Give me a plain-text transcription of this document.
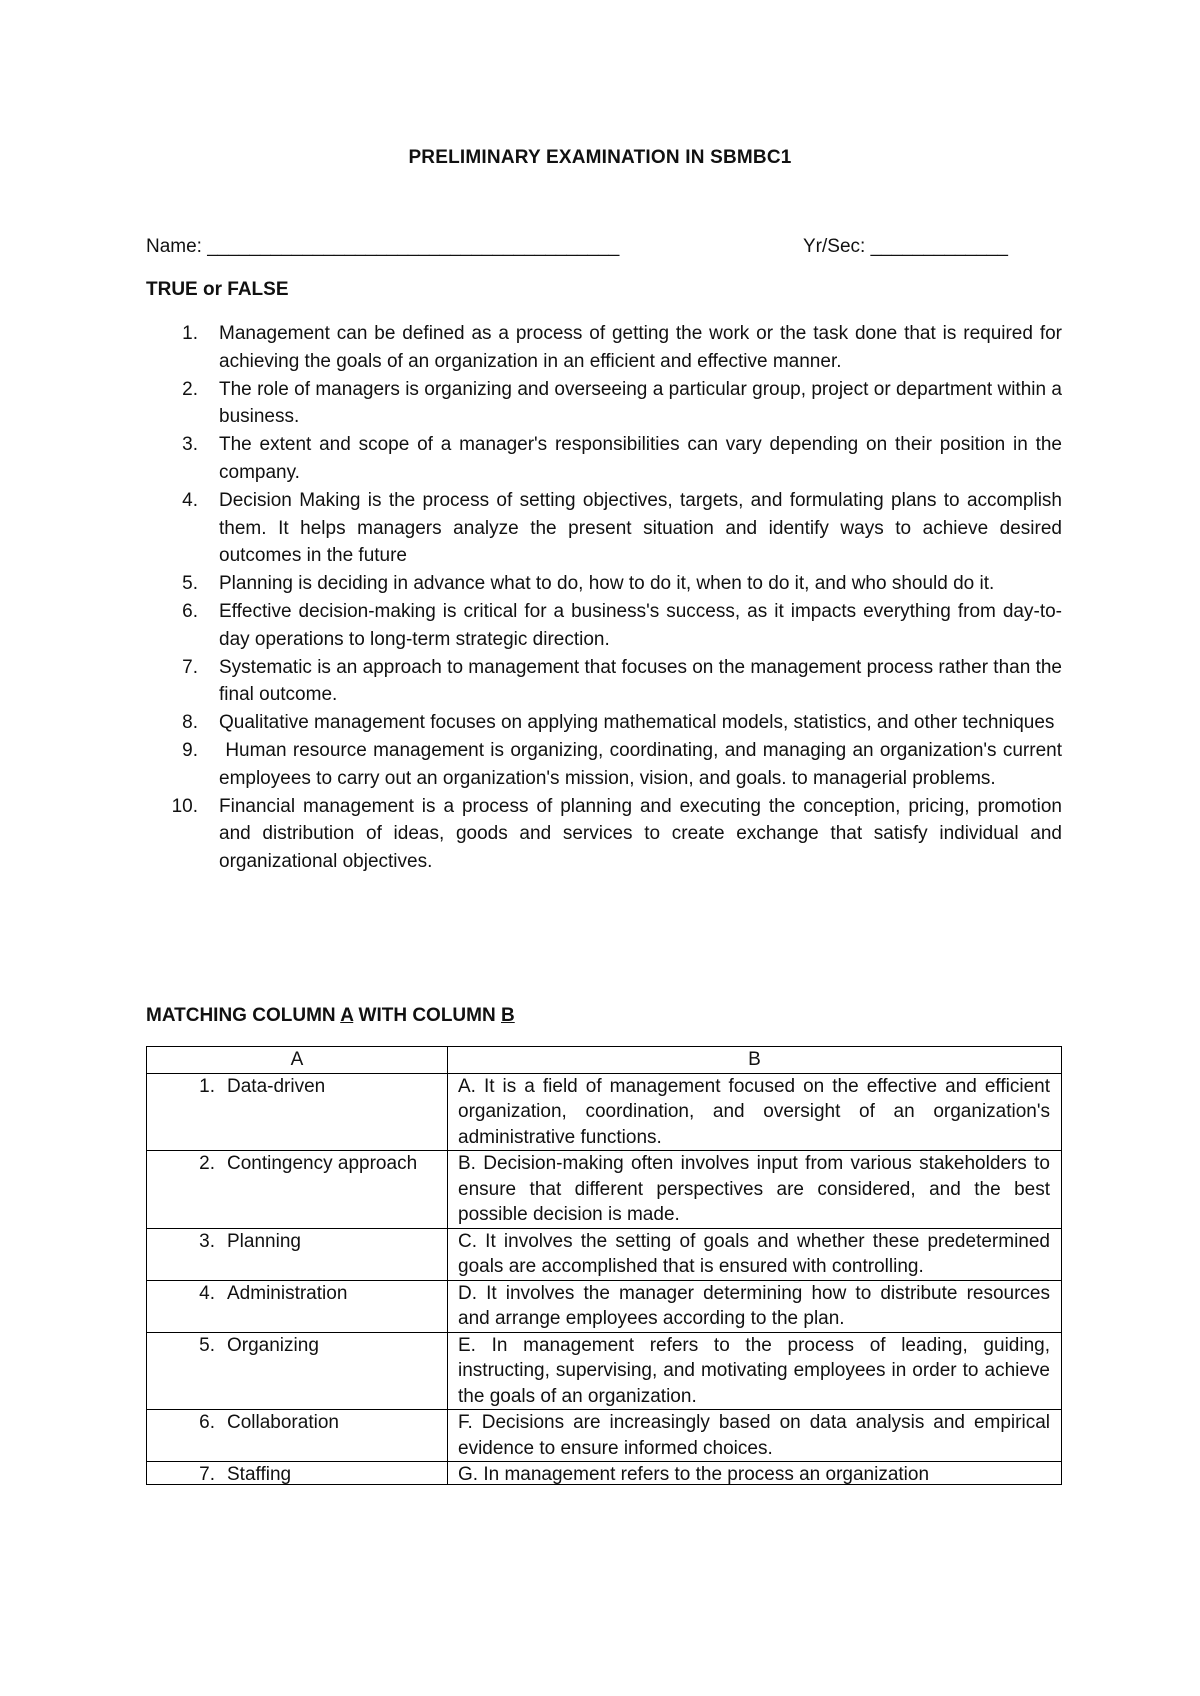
PRELIMINARY EXAMINATION IN SBMBC1
Name: _______________________________________	Yr/Sec: _____________
TRUE or FALSE
1. Management can be defined as a process of getting the work or the task done that is required for achieving the goals of an organization in an efficient and effective manner.
2. The role of managers is organizing and overseeing a particular group, project or department within a business.
3. The extent and scope of a manager's responsibilities can vary depending on their position in the company.
4. Decision Making is the process of setting objectives, targets, and formulating plans to accomplish them. It helps managers analyze the present situation and identify ways to achieve desired outcomes in the future
5. Planning is deciding in advance what to do, how to do it, when to do it, and who should do it.
6. Effective decision-making is critical for a business's success, as it impacts everything from day-to-day operations to long-term strategic direction.
7. Systematic is an approach to management that focuses on the management process rather than the final outcome.
8. Qualitative management focuses on applying mathematical models, statistics, and other techniques
9. Human resource management is organizing, coordinating, and managing an organization's current employees to carry out an organization's mission, vision, and goals. to managerial problems.
10. Financial management is a process of planning and executing the conception, pricing, promotion and distribution of ideas, goods and services to create exchange that satisfy individual and organizational objectives.
MATCHING COLUMN A WITH COLUMN B
A	B
1. Data-driven	A. It is a field of management focused on the effective and efficient organization, coordination, and oversight of an organization's administrative functions.
2. Contingency approach	B. Decision-making often involves input from various stakeholders to ensure that different perspectives are considered, and the best possible decision is made.
3. Planning	C. It involves the setting of goals and whether these predetermined goals are accomplished that is ensured with controlling.
4. Administration	D. It involves the manager determining how to distribute resources and arrange employees according to the plan.
5. Organizing	E. In management refers to the process of leading, guiding, instructing, supervising, and motivating employees in order to achieve the goals of an organization.
6. Collaboration	F. Decisions are increasingly based on data analysis and empirical evidence to ensure informed choices.

7. Staffing	G. In management refers to the process an organization
